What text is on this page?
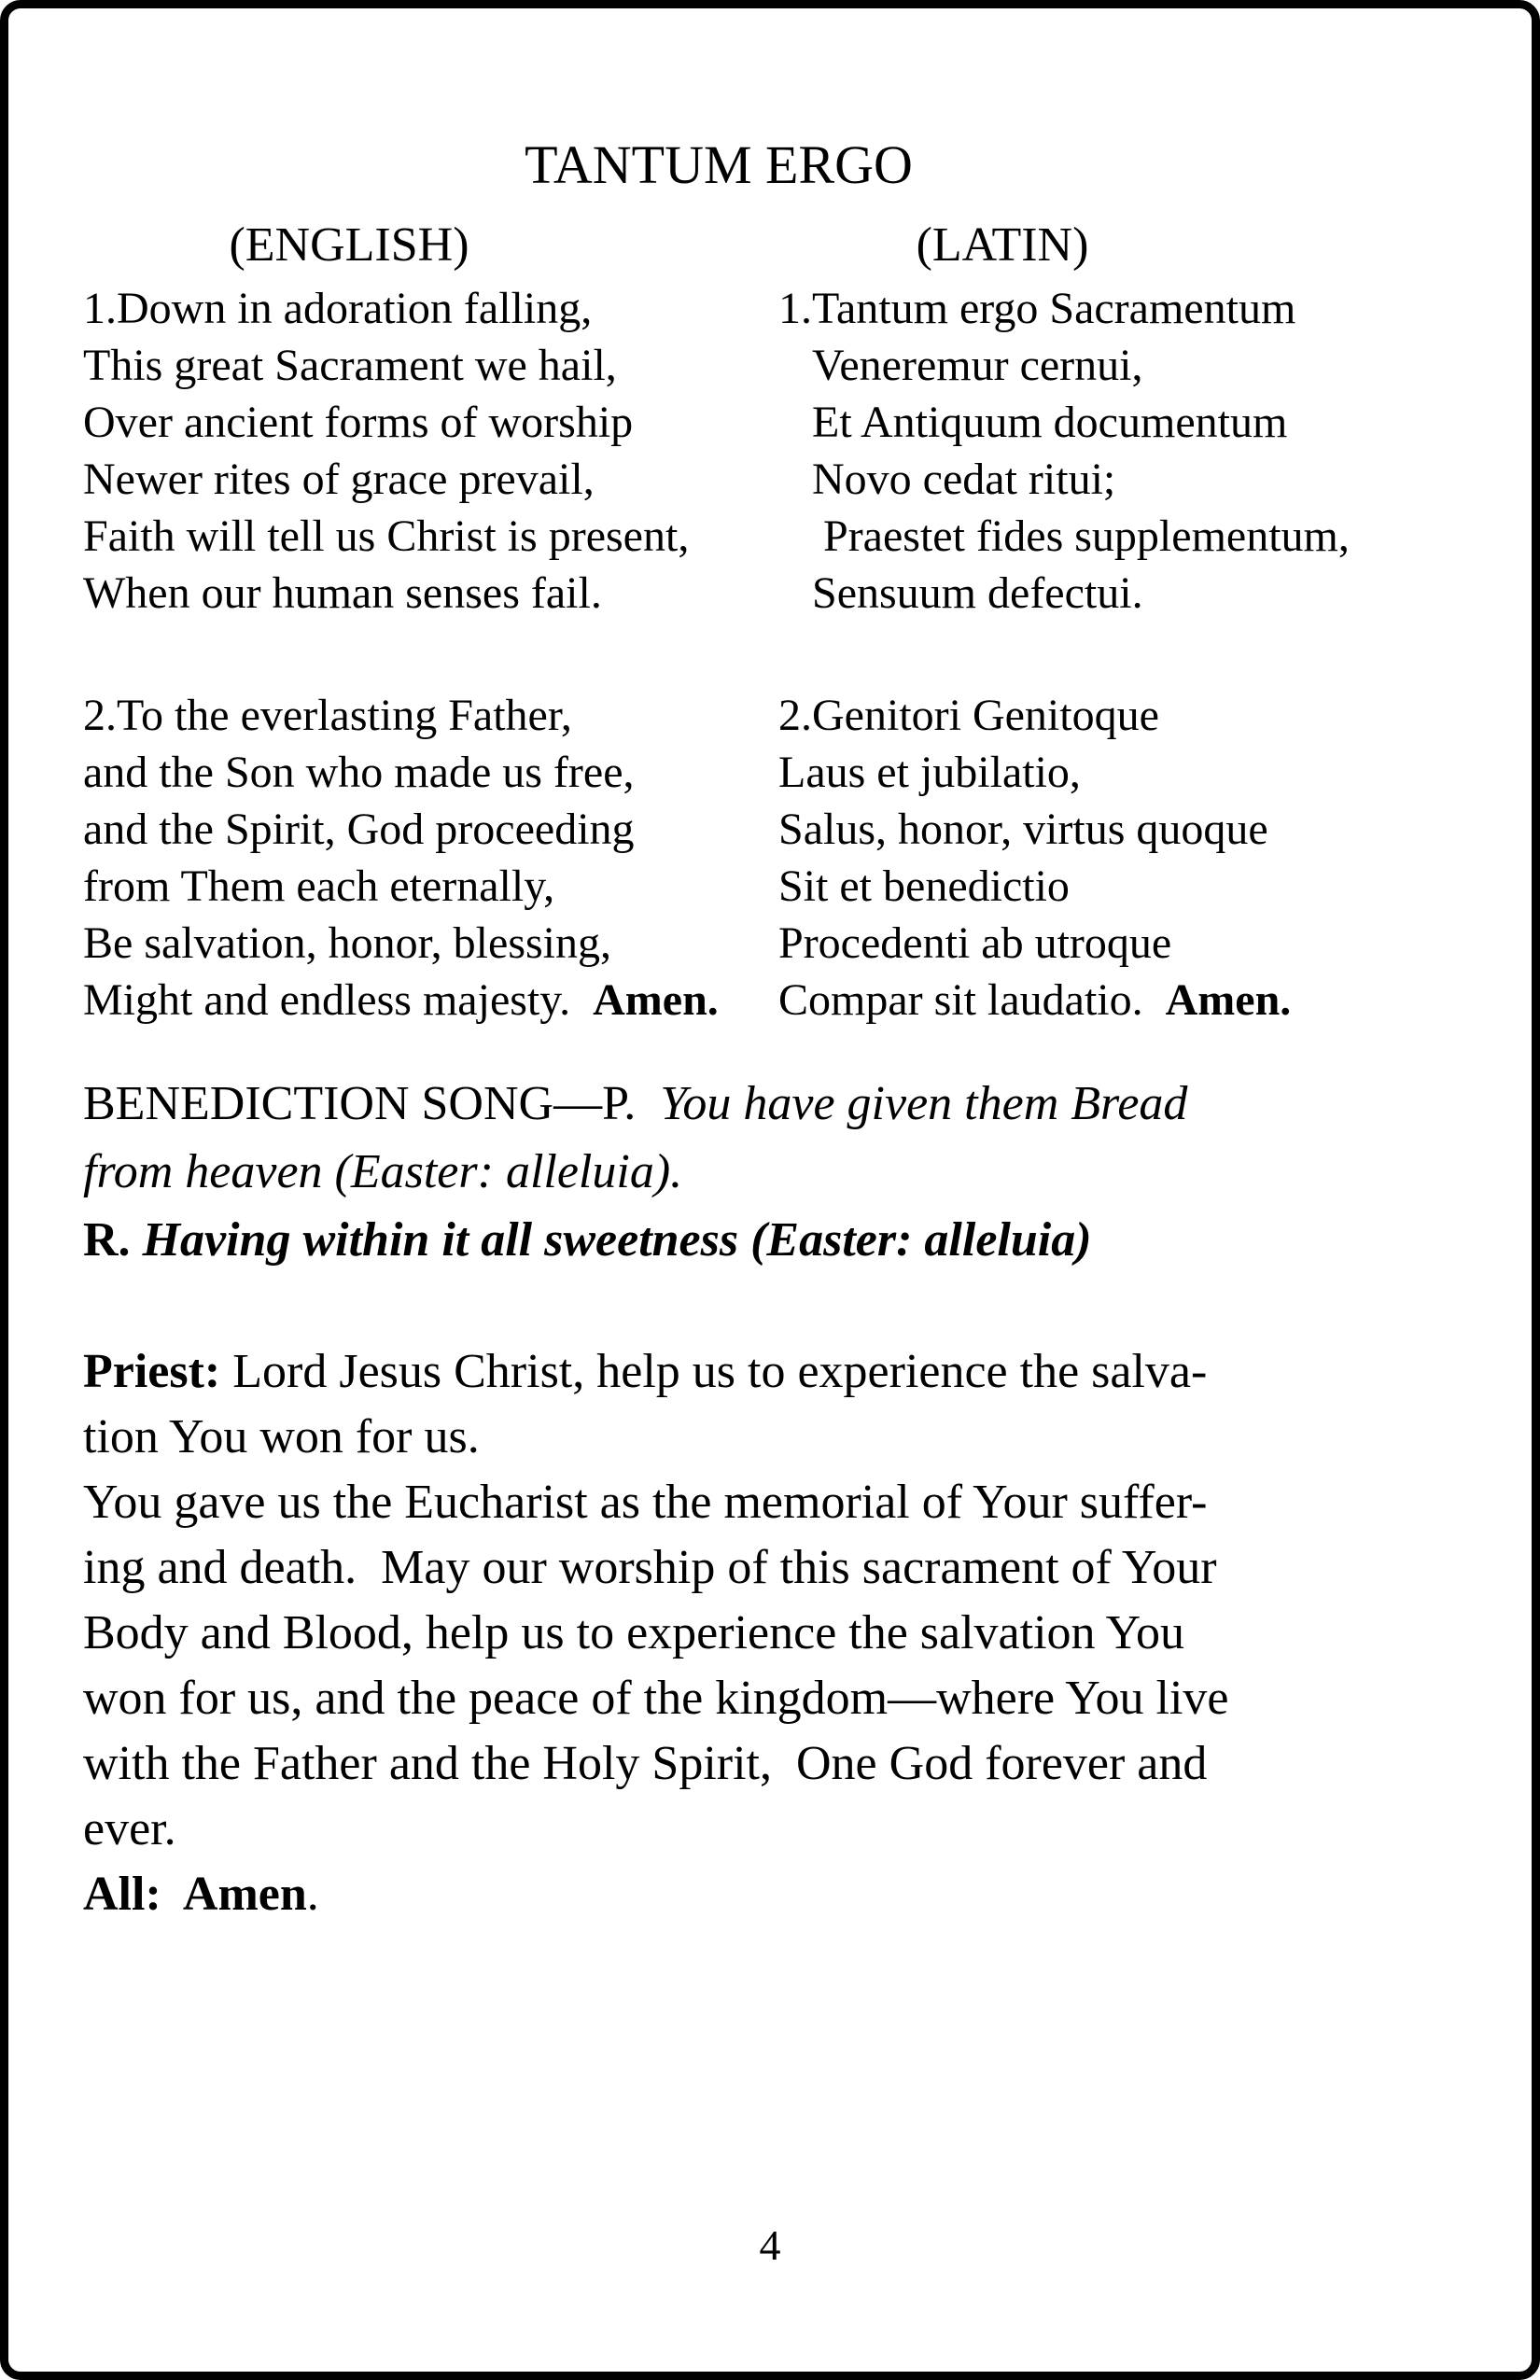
TANTUM ERGO
(ENGLISH)
1.Down in adoration falling,
This great Sacrament we hail,
Over ancient forms of worship
Newer rites of grace prevail,
Faith will tell us Christ is present,
When our human senses fail.
2.To the everlasting Father,
and the Son who made us free,
and the Spirit, God proceeding
from Them each eternally,
Be salvation, honor, blessing,
Might and endless majesty.  Amen.
(LATIN)
1.Tantum ergo Sacramentum
Veneremur cernui,
Et Antiquum documentum
Novo cedat ritui;
Praestet fides supplementum,
Sensuum defectui.
2.Genitori Genitoque
Laus et jubilatio,
Salus, honor, virtus quoque
Sit et benedictio
Procedenti ab utroque
Compar sit laudatio.  Amen.
BENEDICTION SONG—P.  You have given them Bread
from heaven (Easter: alleluia).
R. Having within it all sweetness (Easter: alleluia)
Priest: Lord Jesus Christ, help us to experience the salva-
tion You won for us.
You gave us the Eucharist as the memorial of Your suffer-
ing and death.  May our worship of this sacrament of Your
Body and Blood, help us to experience the salvation You
won for us, and the peace of the kingdom—where You live
with the Father and the Holy Spirit,  One God forever and
ever.
All:  Amen.
4
